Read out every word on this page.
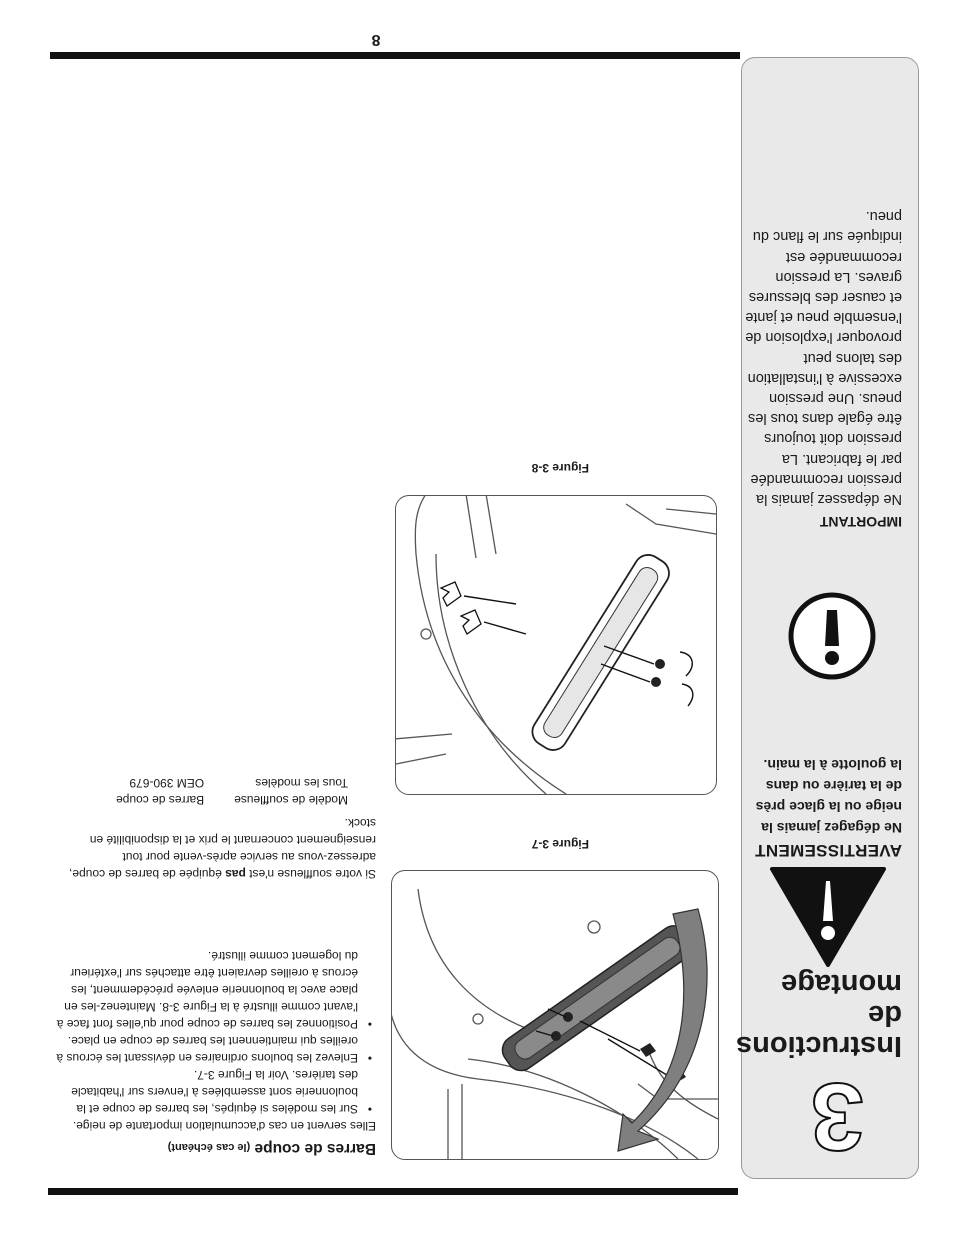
8
3
Instructions de montage
AVERTISSEMENT
Ne dégagez jamais la neige ou la glace près de la tarière ou dans la goulotte à la main.
IMPORTANT
Ne dépassez jamais la pression recommandée par le fabricant. La pression doit toujours être égale dans tous les pneus. Une pression excessive à l'installation des talons peut provoquer l'explosion de l'ensemble pneu et jante et causer des blessures graves. La pression recommandée est indiquée sur le flanc du pneu.
Barres de coupe (le cas échéant)

Elles servent en cas d'accumulation importante de neige.

• Sur les modèles si équipés, les barres de coupe et la boulonnerie sont assemblées à l'envers sur l'habitacle des tarières. Voir la Figure 3-7.
• Enlevez les boulons ordinaires en dévissant les écrous à oreilles qui maintiennent les barres de coupe en place.
• Positionnez les barres de coupe pour qu'elles font face à l'avant comme illustré à la Figure 3-8. Maintenez-les en place avec la boulonnerie enlevée précédemment, les écrous à oreilles devraient être attachés sur l'extérieur du logement comme illustré.

Si votre souffleuse n'est pas équipée de barres de coupe, adressez-vous au service après-vente pour tout renseignement concernant le prix et la disponibilité en stock.

Modèle de souffleuse	Barres de coupe
Tous les modèles	OEM 390-679
Figure 3-7
Figure 3-8
